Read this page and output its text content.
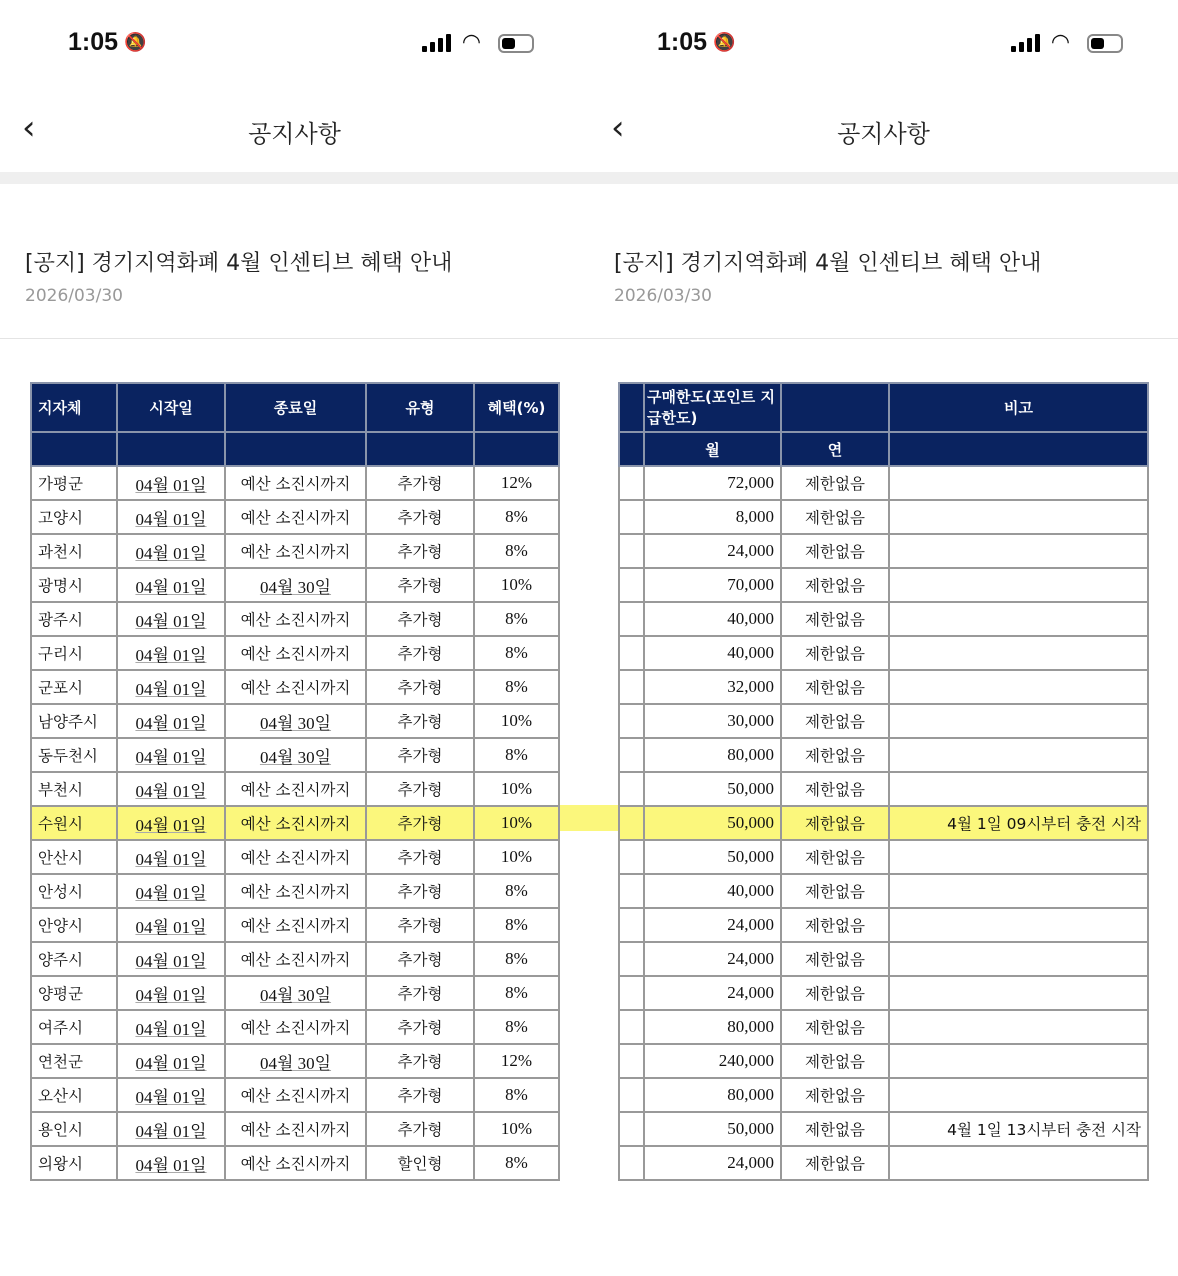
1:05 🔕	◠
‹	공지사항
[공지] 경기지역화폐 4월 인센티브 혜택 안내
2026/03/30
1:05 🔕	◠
‹	공지사항
[공지] 경기지역화폐 4월 인센티브 혜택 안내
2026/03/30
지자체	시작일	종료일	유형	혜택(%)

가평군	04월 01일	예산 소진시까지	추가형	12%
고양시	04월 01일	예산 소진시까지	추가형	8%
과천시	04월 01일	예산 소진시까지	추가형	8%
광명시	04월 01일	04월 30일	추가형	10%
광주시	04월 01일	예산 소진시까지	추가형	8%
구리시	04월 01일	예산 소진시까지	추가형	8%
군포시	04월 01일	예산 소진시까지	추가형	8%
남양주시	04월 01일	04월 30일	추가형	10%
동두천시	04월 01일	04월 30일	추가형	8%
부천시	04월 01일	예산 소진시까지	추가형	10%
수원시	04월 01일	예산 소진시까지	추가형	10%
안산시	04월 01일	예산 소진시까지	추가형	10%
안성시	04월 01일	예산 소진시까지	추가형	8%
안양시	04월 01일	예산 소진시까지	추가형	8%
양주시	04월 01일	예산 소진시까지	추가형	8%
양평군	04월 01일	04월 30일	추가형	8%
여주시	04월 01일	예산 소진시까지	추가형	8%
연천군	04월 01일	04월 30일	추가형	12%
오산시	04월 01일	예산 소진시까지	추가형	8%
용인시	04월 01일	예산 소진시까지	추가형	10%
의왕시	04월 01일	예산 소진시까지	할인형	8%
	구매한도(포인트 지급한도)		비고
	월	연	
	72,000	제한없음	
	8,000	제한없음	
	24,000	제한없음	
	70,000	제한없음	
	40,000	제한없음	
	40,000	제한없음	
	32,000	제한없음	
	30,000	제한없음	
	80,000	제한없음	
	50,000	제한없음	
	50,000	제한없음	4월 1일 09시부터 충전 시작
	50,000	제한없음	
	40,000	제한없음	
	24,000	제한없음	
	24,000	제한없음	
	24,000	제한없음	
	80,000	제한없음	
	240,000	제한없음	
	80,000	제한없음	
	50,000	제한없음	4월 1일 13시부터 충전 시작
	24,000	제한없음	
